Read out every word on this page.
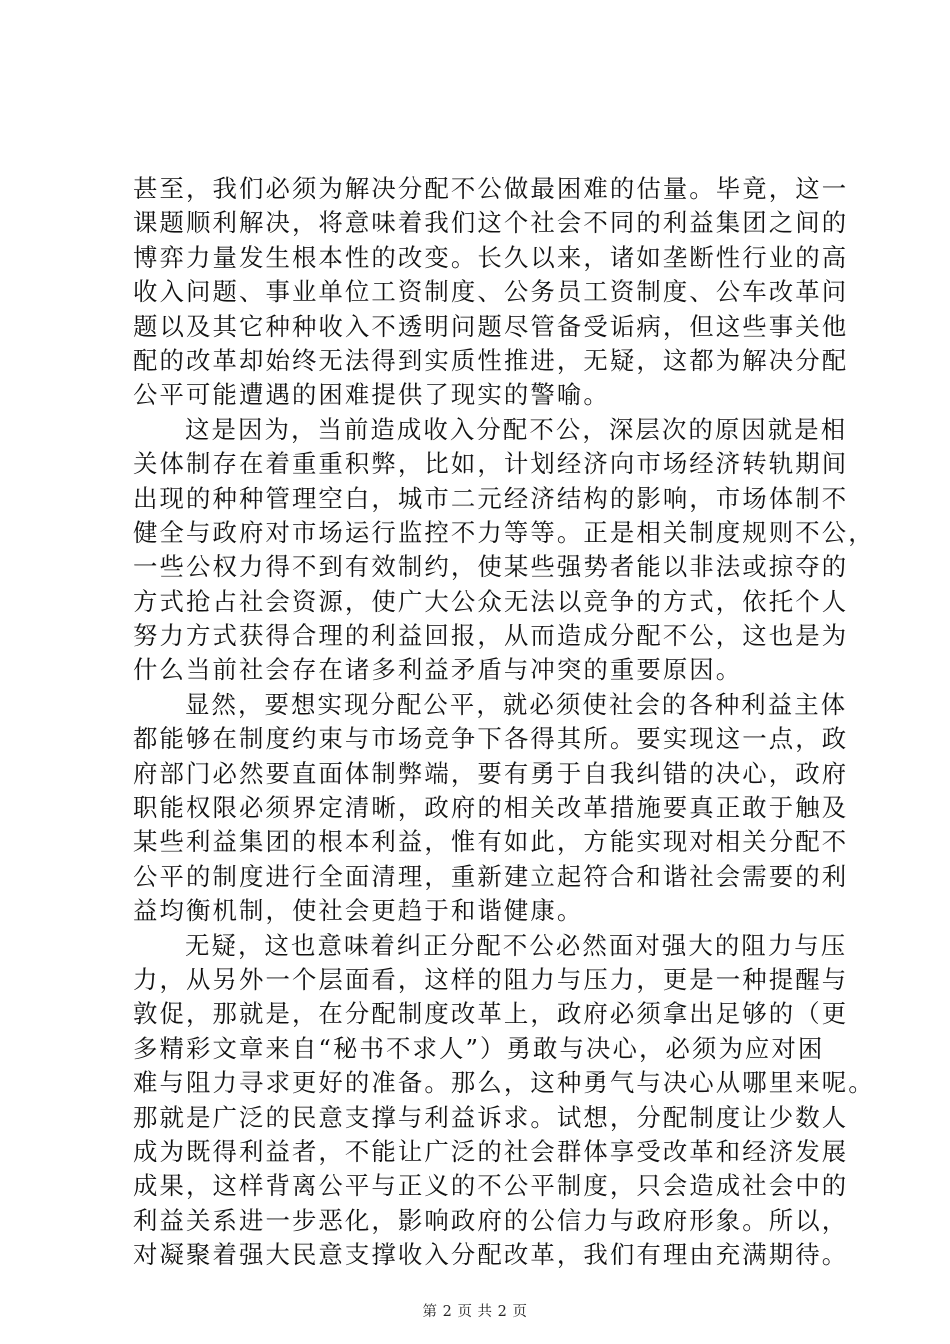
甚至，我们必须为解决分配不公做最困难的估量。毕竟，这一
课题顺利解决，将意味着我们这个社会不同的利益集团之间的
博弈力量发生根本性的改变。长久以来，诸如垄断性行业的高
收入问题、事业单位工资制度、公务员工资制度、公车改革问
题以及其它种种收入不透明问题尽管备受诟病，但这些事关他
配的改革却始终无法得到实质性推进，无疑，这都为解决分配
公平可能遭遇的困难提供了现实的警喻。
这是因为，当前造成收入分配不公，深层次的原因就是相
关体制存在着重重积弊，比如，计划经济向市场经济转轨期间
出现的种种管理空白，城市二元经济结构的影响，市场体制不
健全与政府对市场运行监控不力等等。正是相关制度规则不公，
一些公权力得不到有效制约，使某些强势者能以非法或掠夺的
方式抢占社会资源，使广大公众无法以竞争的方式，依托个人
努力方式获得合理的利益回报，从而造成分配不公，这也是为
什么当前社会存在诸多利益矛盾与冲突的重要原因。
显然，要想实现分配公平，就必须使社会的各种利益主体
都能够在制度约束与市场竞争下各得其所。要实现这一点，政
府部门必然要直面体制弊端，要有勇于自我纠错的决心，政府
职能权限必须界定清晰，政府的相关改革措施要真正敢于触及
某些利益集团的根本利益，惟有如此，方能实现对相关分配不
公平的制度进行全面清理，重新建立起符合和谐社会需要的利
益均衡机制，使社会更趋于和谐健康。
无疑，这也意味着纠正分配不公必然面对强大的阻力与压
力，从另外一个层面看，这样的阻力与压力，更是一种提醒与
敦促，那就是，在分配制度改革上，政府必须拿出足够的（更
多精彩文章来自“秘书不求人”）勇敢与决心，必须为应对困
难与阻力寻求更好的准备。那么，这种勇气与决心从哪里来呢。
那就是广泛的民意支撑与利益诉求。试想，分配制度让少数人
成为既得利益者，不能让广泛的社会群体享受改革和经济发展
成果，这样背离公平与正义的不公平制度，只会造成社会中的
利益关系进一步恶化，影响政府的公信力与政府形象。所以，
对凝聚着强大民意支撑收入分配改革，我们有理由充满期待。
第 2 页 共 2 页
